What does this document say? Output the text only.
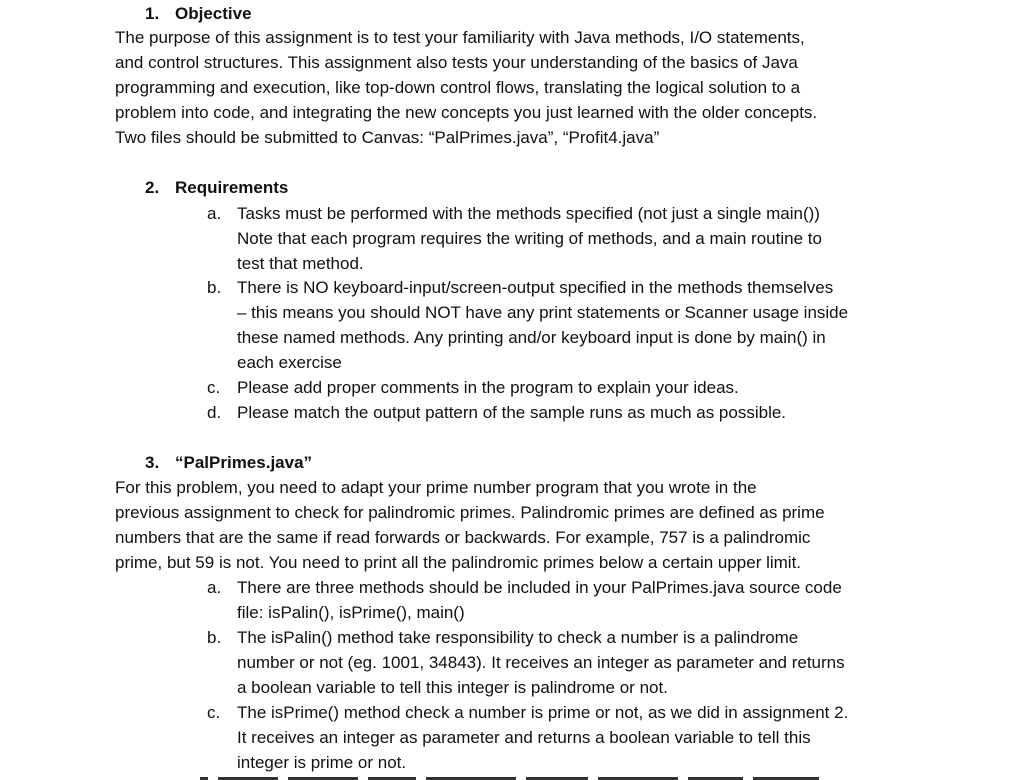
1. Objective
The purpose of this assignment is to test your familiarity with Java methods, I/O statements,
and control structures. This assignment also tests your understanding of the basics of Java
programming and execution, like top-down control flows, translating the logical solution to a
problem into code, and integrating the new concepts you just learned with the older concepts.
Two files should be submitted to Canvas: “PalPrimes.java”, “Profit4.java”
2. Requirements
a. Tasks must be performed with the methods specified (not just a single main())
Note that each program requires the writing of methods, and a main routine to
test that method.
b. There is NO keyboard-input/screen-output specified in the methods themselves
– this means you should NOT have any print statements or Scanner usage inside
these named methods. Any printing and/or keyboard input is done by main() in
each exercise
c. Please add proper comments in the program to explain your ideas.
d. Please match the output pattern of the sample runs as much as possible.
3. “PalPrimes.java”
For this problem, you need to adapt your prime number program that you wrote in the
previous assignment to check for palindromic primes. Palindromic primes are defined as prime
numbers that are the same if read forwards or backwards. For example, 757 is a palindromic
prime, but 59 is not. You need to print all the palindromic primes below a certain upper limit.
a. There are three methods should be included in your PalPrimes.java source code
file: isPalin(), isPrime(), main()
b. The isPalin() method take responsibility to check a number is a palindrome
number or not (eg. 1001, 34843). It receives an integer as parameter and returns
a boolean variable to tell this integer is palindrome or not.
c. The isPrime() method check a number is prime or not, as we did in assignment 2.
It receives an integer as parameter and returns a boolean variable to tell this
integer is prime or not.
